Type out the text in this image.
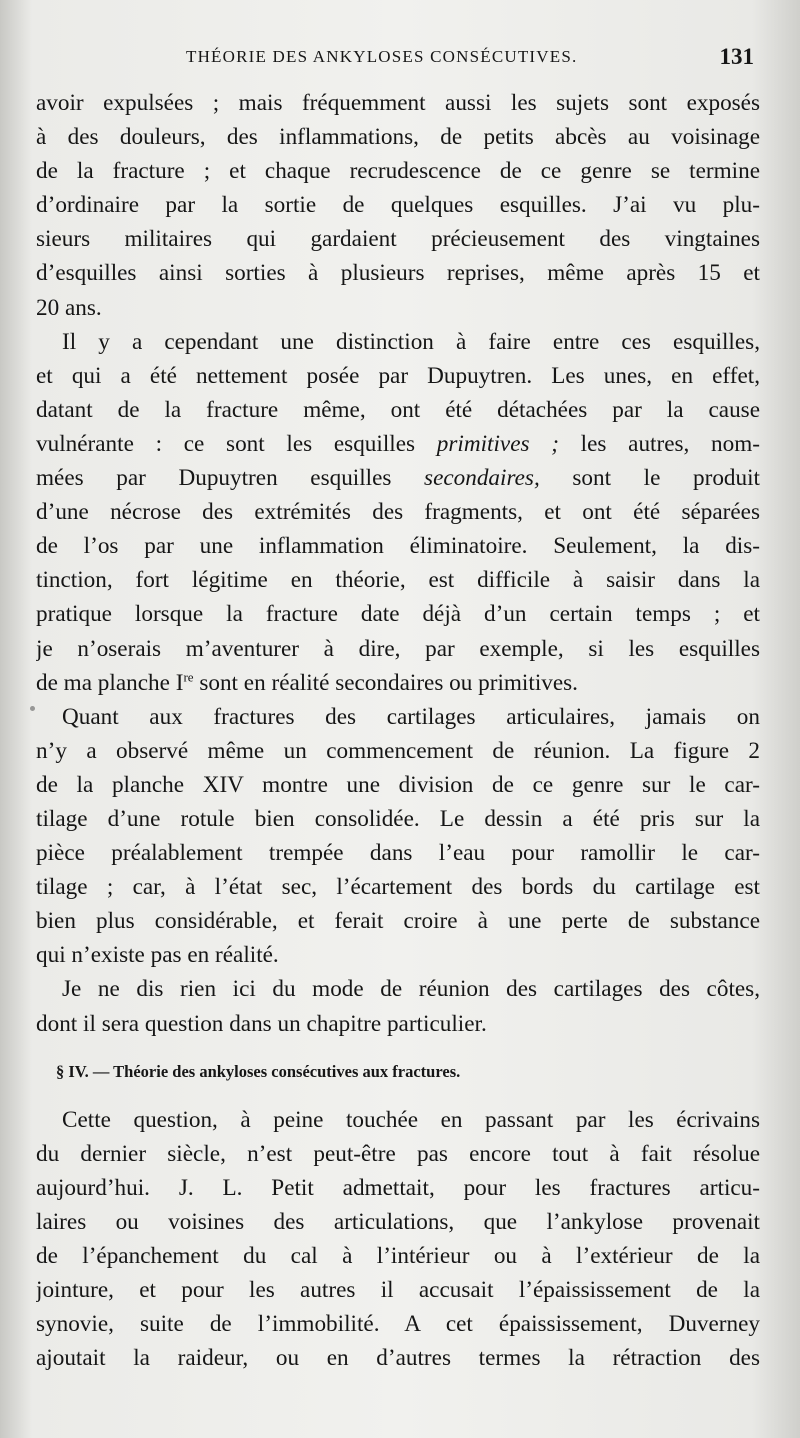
THÉORIE DES ANKYLOSES CONSÉCUTIVES.	131
avoir expulsées ; mais fréquemment aussi les sujets sont exposés
à des douleurs, des inflammations, de petits abcès au voisinage
de la fracture ; et chaque recrudescence de ce genre se termine
d’ordinaire par la sortie de quelques esquilles. J’ai vu plu-
sieurs militaires qui gardaient précieusement des vingtaines
d’esquilles ainsi sorties à plusieurs reprises, même après 15 et
20 ans.
Il y a cependant une distinction à faire entre ces esquilles,
et qui a été nettement posée par Dupuytren. Les unes, en effet,
datant de la fracture même, ont été détachées par la cause
vulnérante : ce sont les esquilles primitives ; les autres, nom-
mées par Dupuytren esquilles secondaires, sont le produit
d’une nécrose des extrémités des fragments, et ont été séparées
de l’os par une inflammation éliminatoire. Seulement, la dis-
tinction, fort légitime en théorie, est difficile à saisir dans la
pratique lorsque la fracture date déjà d’un certain temps ; et
je n’oserais m’aventurer à dire, par exemple, si les esquilles
de ma planche Ire sont en réalité secondaires ou primitives.
Quant aux fractures des cartilages articulaires, jamais on
n’y a observé même un commencement de réunion. La figure 2
de la planche XIV montre une division de ce genre sur le car-
tilage d’une rotule bien consolidée. Le dessin a été pris sur la
pièce préalablement trempée dans l’eau pour ramollir le car-
tilage ; car, à l’état sec, l’écartement des bords du cartilage est
bien plus considérable, et ferait croire à une perte de substance
qui n’existe pas en réalité.
Je ne dis rien ici du mode de réunion des cartilages des côtes,
dont il sera question dans un chapitre particulier.
§ IV. — Théorie des ankyloses consécutives aux fractures.
Cette question, à peine touchée en passant par les écrivains
du dernier siècle, n’est peut-être pas encore tout à fait résolue
aujourd’hui. J. L. Petit admettait, pour les fractures articu-
laires ou voisines des articulations, que l’ankylose provenait
de l’épanchement du cal à l’intérieur ou à l’extérieur de la
jointure, et pour les autres il accusait l’épaississement de la
synovie, suite de l’immobilité. A cet épaississement, Duverney
ajoutait la raideur, ou en d’autres termes la rétraction des
